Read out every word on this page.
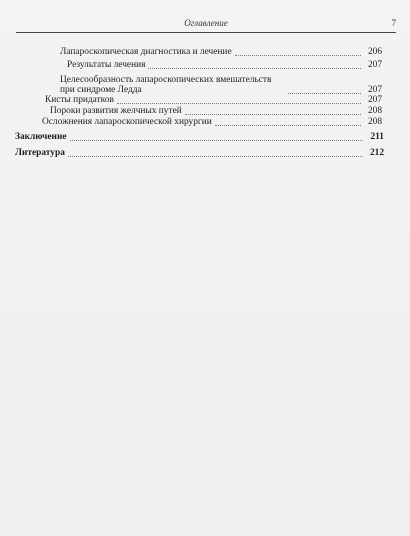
Оглавление	7
Лапароскопическая диагностика и лечение	206
Результаты лечения	207
Целесообразность лапароскопических вмешательств при синдроме Ледда	207
Кисты придатков	207
Пороки развития желчных путей	208
Осложнения лапароскопической хирургии	208
Заключение	211
Литература	212
